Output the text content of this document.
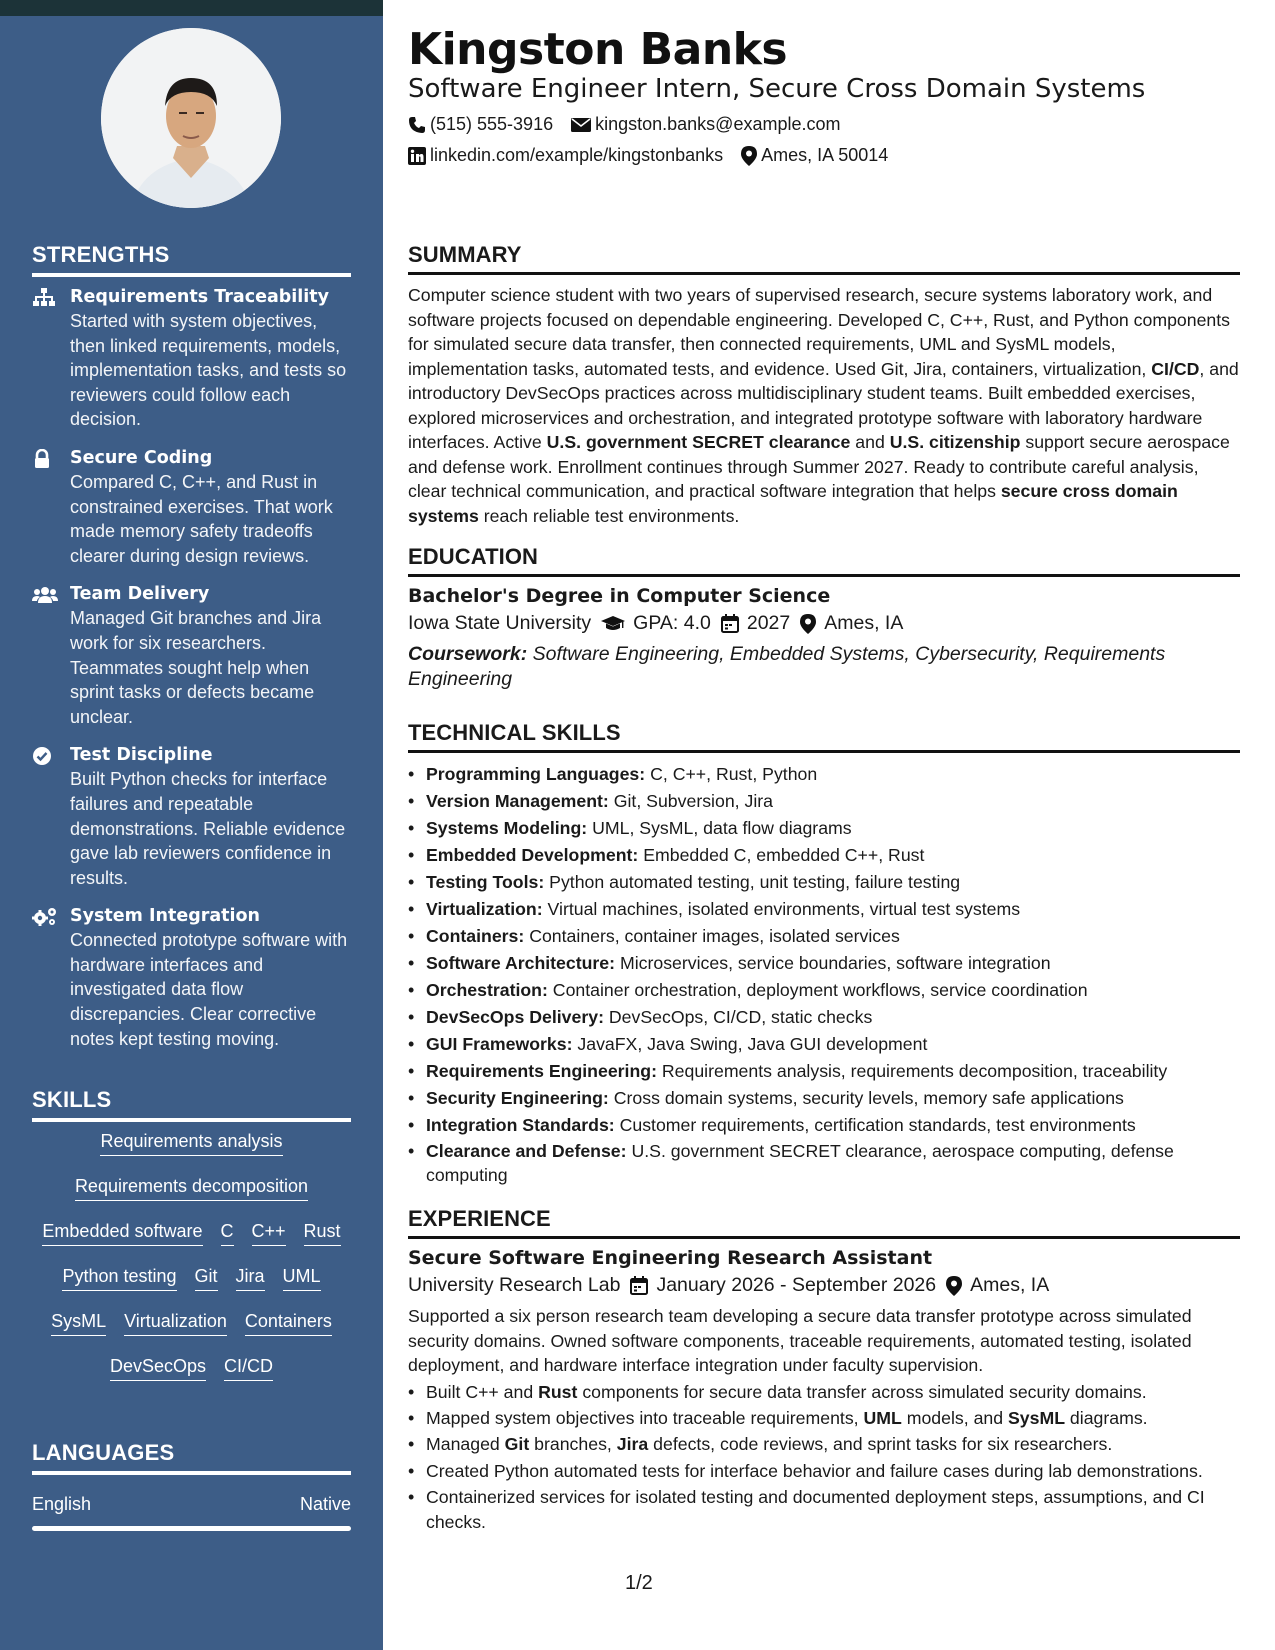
STRENGTHS
Requirements Traceability
Started with system objectives, then linked requirements, models, implementation tasks, and tests so reviewers could follow each decision.
Secure Coding
Compared C, C++, and Rust in constrained exercises. That work made memory safety tradeoffs clearer during design reviews.
Team Delivery
Managed Git branches and Jira work for six researchers. Teammates sought help when sprint tasks or defects became unclear.
Test Discipline
Built Python checks for interface failures and repeatable demonstrations. Reliable evidence gave lab reviewers confidence in results.
System Integration
Connected prototype software with hardware interfaces and investigated data flow discrepancies. Clear corrective notes kept testing moving.
SKILLS
Requirements analysis
Requirements decomposition
Embedded software C C++ Rust
Python testing Git Jira UML
SysML Virtualization Containers
DevSecOps CI/CD
LANGUAGES
English	Native
Kingston Banks
Software Engineer Intern, Secure Cross Domain Systems
(515) 555-3916 kingston.banks@example.com
linkedin.com/example/kingstonbanks Ames, IA 50014
SUMMARY
Computer science student with two years of supervised research, secure systems laboratory work, and software projects focused on dependable engineering. Developed C, C++, Rust, and Python components for simulated secure data transfer, then connected requirements, UML and SysML models, implementation tasks, automated tests, and evidence. Used Git, Jira, containers, virtualization, CI/CD, and introductory DevSecOps practices across multidisciplinary student teams. Built embedded exercises, explored microservices and orchestration, and integrated prototype software with laboratory hardware interfaces. Active U.S. government SECRET clearance and U.S. citizenship support secure aerospace and defense work. Enrollment continues through Summer 2027. Ready to contribute careful analysis, clear technical communication, and practical software integration that helps secure cross domain systems reach reliable test environments.
EDUCATION
Bachelor's Degree in Computer Science
Iowa State University GPA: 4.0 2027 Ames, IA
Coursework: Software Engineering, Embedded Systems, Cybersecurity, Requirements Engineering
TECHNICAL SKILLS
• Programming Languages: C, C++, Rust, Python
• Version Management: Git, Subversion, Jira
• Systems Modeling: UML, SysML, data flow diagrams
• Embedded Development: Embedded C, embedded C++, Rust
• Testing Tools: Python automated testing, unit testing, failure testing
• Virtualization: Virtual machines, isolated environments, virtual test systems
• Containers: Containers, container images, isolated services
• Software Architecture: Microservices, service boundaries, software integration
• Orchestration: Container orchestration, deployment workflows, service coordination
• DevSecOps Delivery: DevSecOps, CI/CD, static checks
• GUI Frameworks: JavaFX, Java Swing, Java GUI development
• Requirements Engineering: Requirements analysis, requirements decomposition, traceability
• Security Engineering: Cross domain systems, security levels, memory safe applications
• Integration Standards: Customer requirements, certification standards, test environments
• Clearance and Defense: U.S. government SECRET clearance, aerospace computing, defense computing
EXPERIENCE
Secure Software Engineering Research Assistant
University Research Lab January 2026 - September 2026 Ames, IA
Supported a six person research team developing a secure data transfer prototype across simulated security domains. Owned software components, traceable requirements, automated testing, isolated deployment, and hardware interface integration under faculty supervision.
• Built C++ and Rust components for secure data transfer across simulated security domains.
• Mapped system objectives into traceable requirements, UML models, and SysML diagrams.
• Managed Git branches, Jira defects, code reviews, and sprint tasks for six researchers.
• Created Python automated tests for interface behavior and failure cases during lab demonstrations.
• Containerized services for isolated testing and documented deployment steps, assumptions, and CI checks.
1/2
